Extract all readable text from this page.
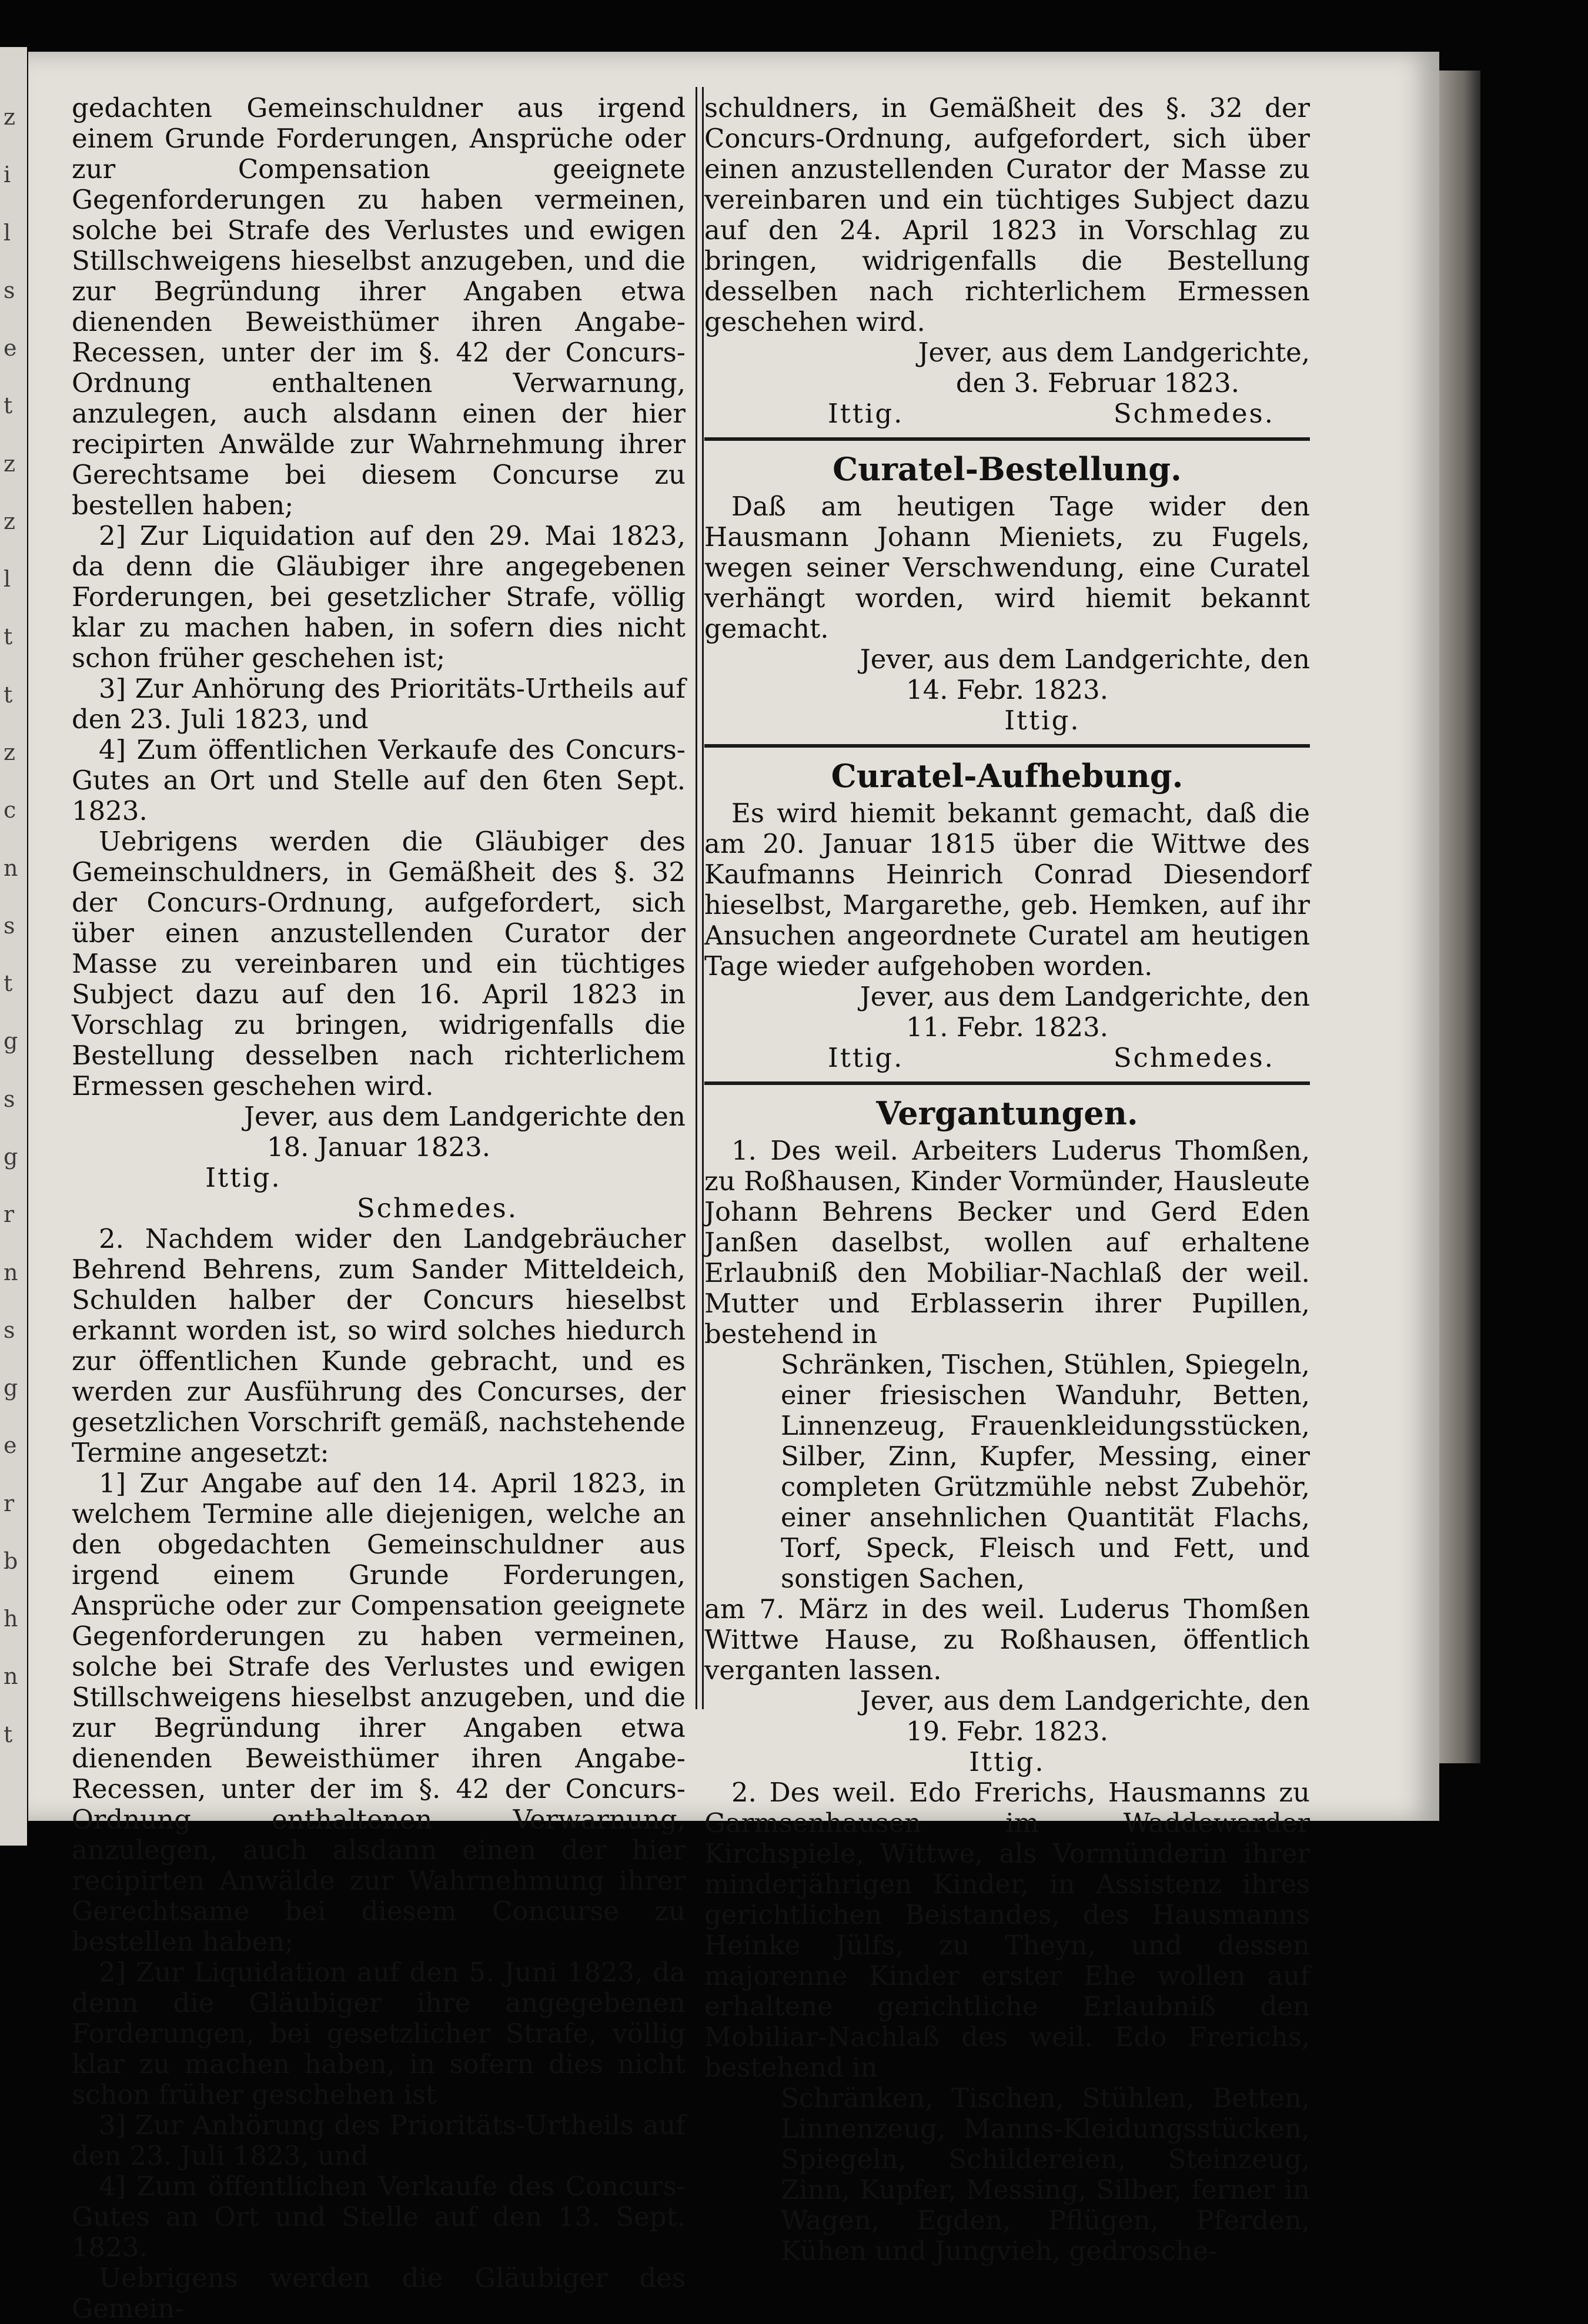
z
i
l
s
e
t
z
z
l
t
t
z
c
n
s
t
g
s
g
r
n
s
g
e
r
b
h
n
t

gedachten Gemeinschuldner aus irgend einem Grunde Forderungen, Ansprüche oder zur Compensation geeignete Gegenforderungen zu haben vermeinen, solche bei Strafe des Verlustes und ewigen Stillschweigens hieselbst anzugeben, und die zur Begründung ihrer Angaben etwa dienenden Beweisthümer ihren Angabe-Recessen, unter der im §. 42 der Concurs-Ordnung enthaltenen Verwarnung, anzulegen, auch alsdann einen der hier recipirten Anwälde zur Wahrnehmung ihrer Gerechtsame bei diesem Concurse zu bestellen haben;

2] Zur Liquidation auf den 29. Mai 1823, da denn die Gläubiger ihre angegebenen Forderungen, bei gesetzlicher Strafe, völlig klar zu machen haben, in sofern dies nicht schon früher geschehen ist;

3] Zur Anhörung des Prioritäts-Urtheils auf den 23. Juli 1823, und

4] Zum öffentlichen Verkaufe des Concurs-Gutes an Ort und Stelle auf den 6ten Sept. 1823.

Uebrigens werden die Gläubiger des Gemeinschuldners, in Gemäßheit des §. 32 der Concurs-Ordnung, aufgefordert, sich über einen anzustellenden Curator der Masse zu vereinbaren und ein tüchtiges Subject dazu auf den 16. April 1823 in Vorschlag zu bringen, widrigenfalls die Bestellung desselben nach richterlichem Ermessen geschehen wird.

Jever, aus dem Landgerichte den

18. Januar 1823.

Ittig.

Schmedes.

2. Nachdem wider den Landgebräucher Behrend Behrens, zum Sander Mitteldeich, Schulden halber der Concurs hieselbst erkannt worden ist, so wird solches hiedurch zur öffentlichen Kunde gebracht, und es werden zur Ausführung des Concurses, der gesetzlichen Vorschrift gemäß, nachstehende Termine angesetzt:

1] Zur Angabe auf den 14. April 1823, in welchem Termine alle diejenigen, welche an den obgedachten Gemeinschuldner aus irgend einem Grunde Forderungen, Ansprüche oder zur Compensation geeignete Gegenforderungen zu haben vermeinen, solche bei Strafe des Verlustes und ewigen Stillschweigens hieselbst anzugeben, und die zur Begründung ihrer Angaben etwa dienenden Beweisthümer ihren Angabe-Recessen, unter der im §. 42 der Concurs-Ordnung enthaltenen Verwarnung, anzulegen, auch alsdann einen der hier recipirten Anwälde zur Wahrnehmung ihrer Gerechtsame bei diesem Concurse zu bestellen haben;

2] Zur Liquidation auf den 5. Juni 1823, da denn die Gläubiger ihre angegebenen Forderungen, bei gesetzlicher Strafe, völlig klar zu machen haben, in sofern dies nicht schon früher geschehen ist

3] Zur Anhörung des Prioritäts-Urtheils auf den 23. Juli 1823, und

4] Zum öffentlichen Verkaufe des Concurs-Gutes an Ort und Stelle auf den 13. Sept. 1823.

Uebrigens werden die Gläubiger des Gemein-

schuldners, in Gemäßheit des §. 32 der Concurs-Ordnung, aufgefordert, sich über einen anzustellenden Curator der Masse zu vereinbaren und ein tüchtiges Subject dazu auf den 24. April 1823 in Vorschlag zu bringen, widrigenfalls die Bestellung desselben nach richterlichem Ermessen geschehen wird.

Jever, aus dem Landgerichte,

den 3. Februar 1823.

Ittig.	Schmedes.

Curatel-Bestellung.

Daß am heutigen Tage wider den Hausmann Johann Mieniets, zu Fugels, wegen seiner Verschwendung, eine Curatel verhängt worden, wird hiemit bekannt gemacht.

Jever, aus dem Landgerichte, den

14. Febr. 1823.

Ittig.

Curatel-Aufhebung.

Es wird hiemit bekannt gemacht, daß die am 20. Januar 1815 über die Wittwe des Kaufmanns Heinrich Conrad Diesendorf hieselbst, Margarethe, geb. Hemken, auf ihr Ansuchen angeordnete Curatel am heutigen Tage wieder aufgehoben worden.

Jever, aus dem Landgerichte, den

11. Febr. 1823.

Ittig.	Schmedes.

Vergantungen.

1. Des weil. Arbeiters Luderus Thomßen, zu Roßhausen, Kinder Vormünder, Hausleute Johann Behrens Becker und Gerd Eden Janßen daselbst, wollen auf erhaltene Erlaubniß den Mobiliar-Nachlaß der weil. Mutter und Erblasserin ihrer Pupillen, bestehend in

Schränken, Tischen, Stühlen, Spiegeln, einer friesischen Wanduhr, Betten, Linnenzeug, Frauenkleidungsstücken, Silber, Zinn, Kupfer, Messing, einer completen Grützmühle nebst Zubehör, einer ansehnlichen Quantität Flachs, Torf, Speck, Fleisch und Fett, und sonstigen Sachen,

am 7. März in des weil. Luderus Thomßen Wittwe Hause, zu Roßhausen, öffentlich verganten lassen.

Jever, aus dem Landgerichte, den

19. Febr. 1823.

Ittig.

2. Des weil. Edo Frerichs, Hausmanns zu Garmsenhausen im Waddewarder Kirchspiele, Wittwe, als Vormünderin ihrer minderjährigen Kinder, in Assistenz ihres gerichtlichen Beistandes, des Hausmanns Heinke Jülfs, zu Theyn, und dessen majorenne Kinder erster Ehe wollen auf erhaltene gerichtliche Erlaubniß den Mobiliar-Nachlaß des weil. Edo Frerichs, bestehend in

Schränken, Tischen, Stühlen, Betten, Linnenzeug, Manns-Kleidungsstücken, Spiegeln, Schildereien, Steinzeug, Zinn, Kupfer, Messing, Silber, ferner in Wagen, Egden, Pflügen, Pferden, Kühen und Jungvieh, gedrosche-
